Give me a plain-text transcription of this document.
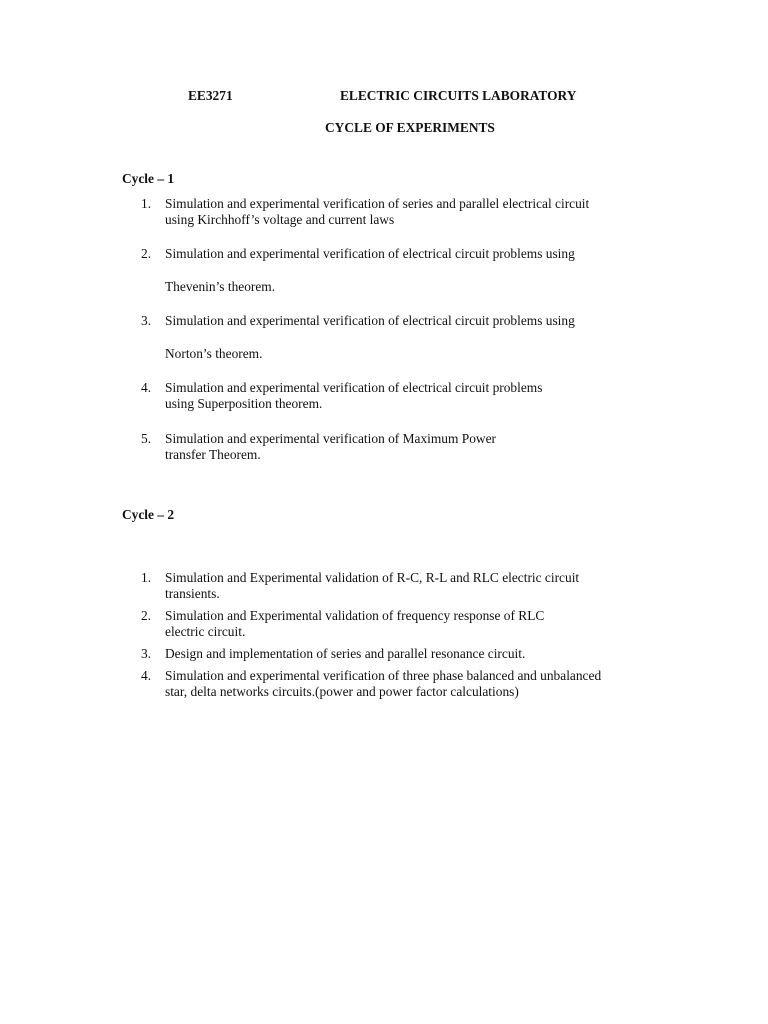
EE3271	ELECTRIC CIRCUITS LABORATORY
CYCLE OF EXPERIMENTS
Cycle – 1
1. Simulation and experimental verification of series and parallel electrical circuit
using Kirchhoff’s voltage and current laws
2. Simulation and experimental verification of electrical circuit problems using
Thevenin’s theorem.
3. Simulation and experimental verification of electrical circuit problems using
Norton’s theorem.
4. Simulation and experimental verification of electrical circuit problems
using Superposition theorem.
5. Simulation and experimental verification of Maximum Power
transfer Theorem.
Cycle – 2
1. Simulation and Experimental validation of R-C, R-L and RLC electric circuit
transients.
2. Simulation and Experimental validation of frequency response of RLC
electric circuit.
3. Design and implementation of series and parallel resonance circuit.
4. Simulation and experimental verification of three phase balanced and unbalanced
star, delta networks circuits.(power and power factor calculations)
